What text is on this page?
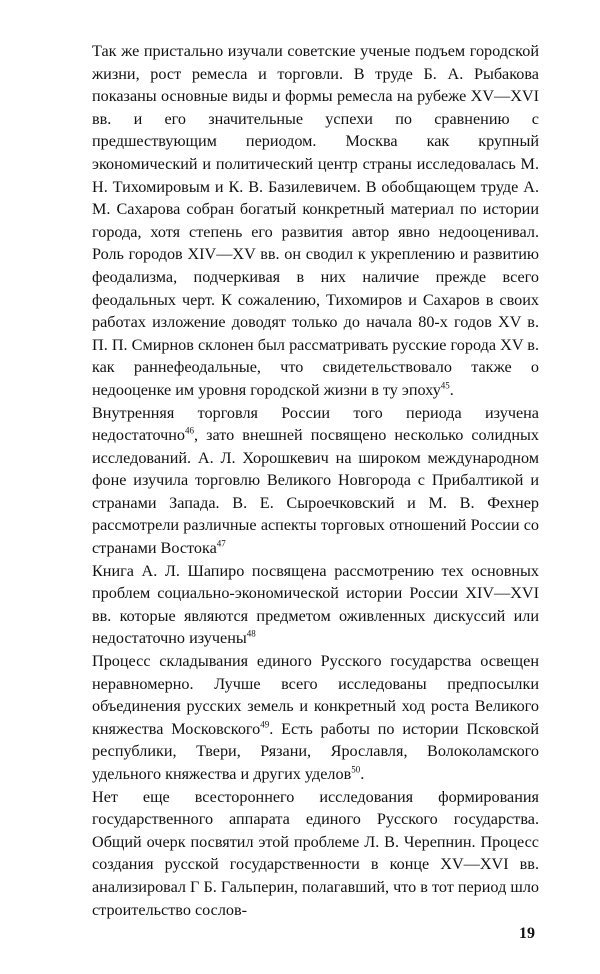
Так же пристально изучали советские ученые подъем городской жизни, рост ремесла и торговли. В труде Б. А. Рыбакова показаны основные виды и формы ремесла на рубеже XV—XVI вв. и его значительные успехи по сравнению с предшествующим периодом. Москва как крупный экономический и политический центр страны исследовалась М. Н. Тихомировым и К. В. Базилевичем. В обобщающем труде А. М. Сахарова собран богатый конкретный материал по истории города, хотя степень его развития автор явно недооценивал. Роль городов XIV—XV вв. он сводил к укреплению и развитию феодализма, подчеркивая в них наличие прежде всего феодальных черт. К сожалению, Тихомиров и Сахаров в своих работах изложение доводят только до начала 80-х годов XV в. П. П. Смирнов склонен был рассматривать русские города XV в. как раннефеодальные, что свидетельствовало также о недооценке им уровня городской жизни в ту эпоху$^{45}$.

Внутренняя торговля России того периода изучена недостаточно$^{46}$, зато внешней посвящено несколько солидных исследований. А. Л. Хорошкевич на широком международном фоне изучила торговлю Великого Новгорода с Прибалтикой и странами Запада. В. Е. Сыроечковский и М. В. Фехнер рассмотрели различные аспекты торговых отношений России со странами Востока$^{47}$

Книга А. Л. Шапиро посвящена рассмотрению тех основных проблем социально-экономической истории России XIV—XVI вв. которые являются предметом оживленных дискуссий или недостаточно изучены$^{48}$

Процесс складывания единого Русского государства освещен неравномерно. Лучше всего исследованы предпосылки объединения русских земель и конкретный ход роста Великого княжества Московского$^{49}$. Есть работы по истории Псковской республики, Твери, Рязани, Ярославля, Волоколамского удельного княжества и других уделов$^{50}$.

Нет еще всестороннего исследования формирования государственного аппарата единого Русского государства. Общий очерк посвятил этой проблеме Л. В. Черепнин. Процесс создания русской государственности в конце XV—XVI вв. анализировал Г Б. Гальперин, полагавший, что в тот период шло строительство сослов-

19
